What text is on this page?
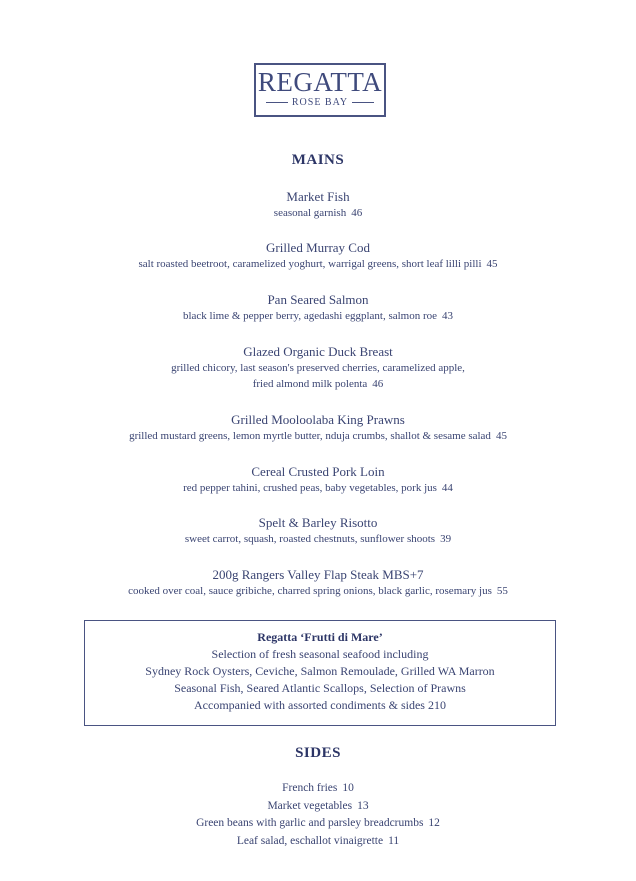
REGATTA
ROSE BAY
MAINS
Market Fish
seasonal garnish 46
Grilled Murray Cod
salt roasted beetroot, caramelized yoghurt, warrigal greens, short leaf lilli pilli 45
Pan Seared Salmon
black lime & pepper berry, agedashi eggplant, salmon roe 43
Glazed Organic Duck Breast
grilled chicory, last season's preserved cherries, caramelized apple,
fried almond milk polenta 46
Grilled Mooloolaba King Prawns
grilled mustard greens, lemon myrtle butter, nduja crumbs, shallot & sesame salad 45
Cereal Crusted Pork Loin
red pepper tahini, crushed peas, baby vegetables, pork jus 44
Spelt & Barley Risotto
sweet carrot, squash, roasted chestnuts, sunflower shoots 39
200g Rangers Valley Flap Steak MBS+7
cooked over coal, sauce gribiche, charred spring onions, black garlic, rosemary jus 55
Regatta ‘Frutti di Mare’
Selection of fresh seasonal seafood including
Sydney Rock Oysters, Ceviche, Salmon Remoulade, Grilled WA Marron
Seasonal Fish, Seared Atlantic Scallops, Selection of Prawns
Accompanied with assorted condiments & sides 210
SIDES
French fries 10
Market vegetables 13
Green beans with garlic and parsley breadcrumbs 12
Leaf salad, eschallot vinaigrette 11
